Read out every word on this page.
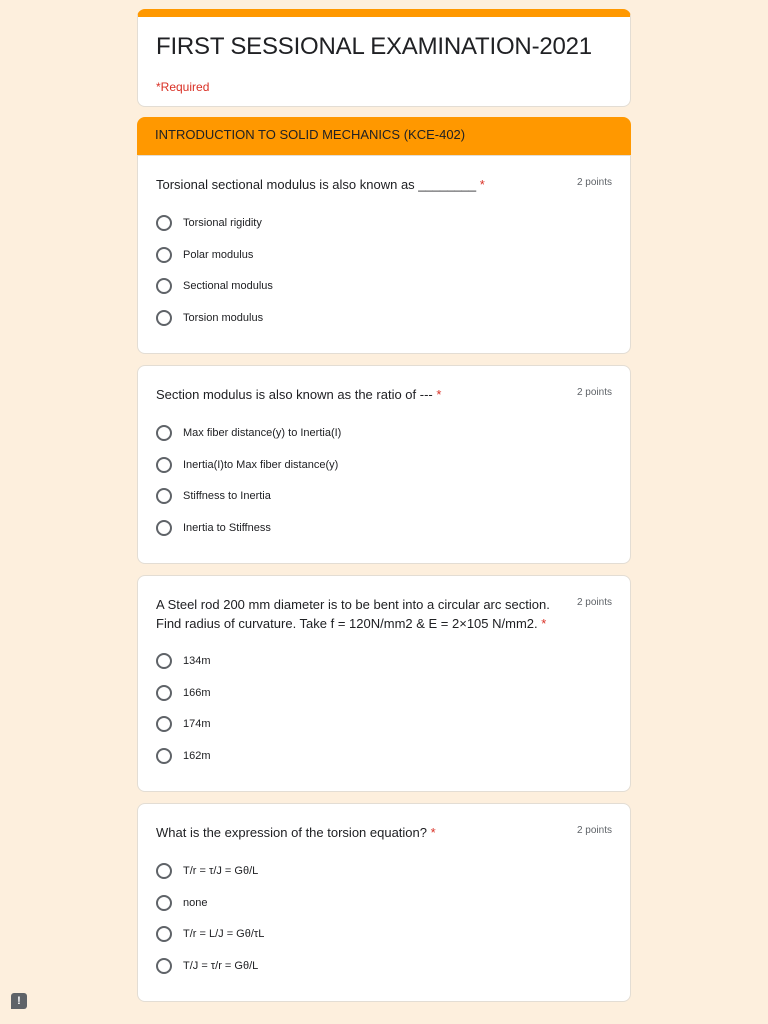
FIRST SESSIONAL EXAMINATION-2021
*Required
INTRODUCTION TO SOLID MECHANICS (KCE-402)
Torsional sectional modulus is also known as ________ *	2 points
Torsional rigidity
Polar modulus
Sectional modulus
Torsion modulus
Section modulus is also known as the ratio of --- *	2 points
Max fiber distance(y) to Inertia(I)
Inertia(I)to Max fiber distance(y)
Stiffness to Inertia
Inertia to Stiffness
A Steel rod 200 mm diameter is to be bent into a circular arc section. Find radius of curvature. Take f = 120N/mm2 & E = 2×105 N/mm2. *
2 points
134m
166m
174m
162m
What is the expression of the torsion equation? *	2 points
T/r = τ/J = Gθ/L
none
T/r = L/J = Gθ/τL
T/J = τ/r = Gθ/L
!
